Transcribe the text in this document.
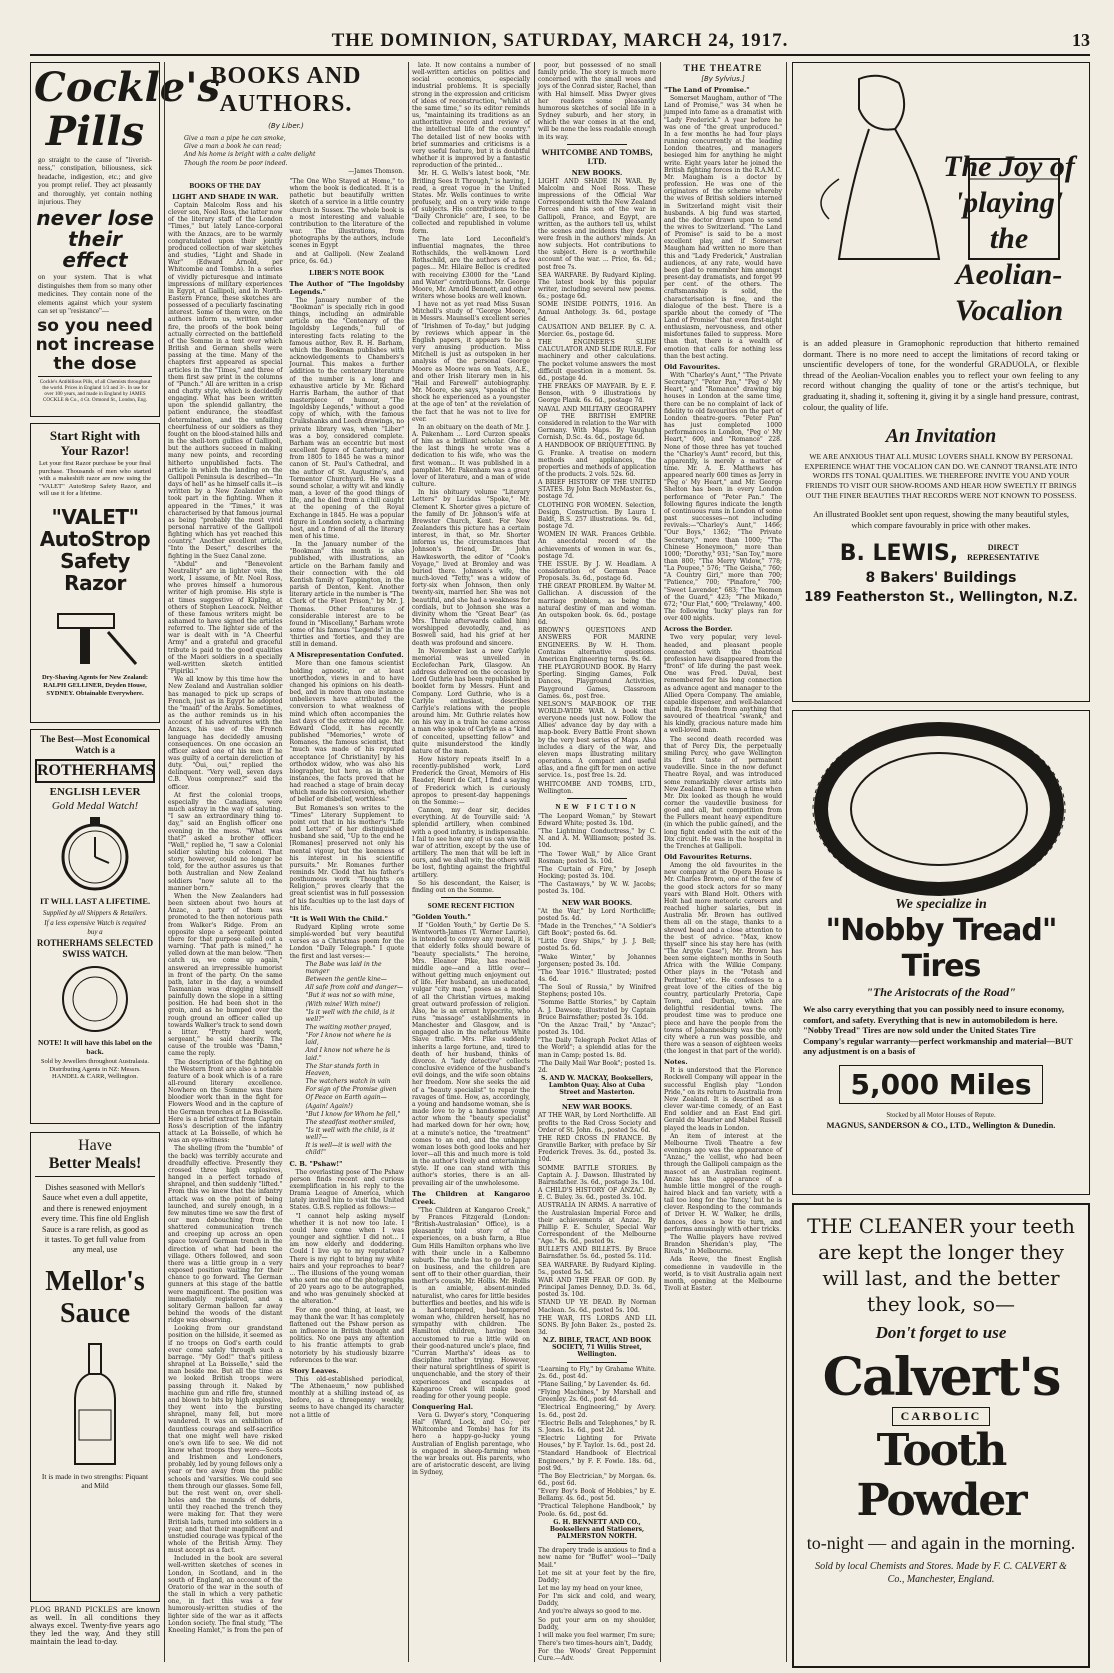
THE DOMINION, SATURDAY, MARCH 24, 1917.	13
Cockle's Pills

go straight to the cause of "liverish-ness," constipation, biliousness, sick headache, indigestion, etc.; and give you prompt relief. They act pleasantly and thoroughly, yet contain nothing injurious. They

never lose their effect

on your system. That is what distinguishes them from so many other medicines. They contain none of the elements against which your system can set up "resistance"—

so you need not increase the dose

Cockle's Antibilious Pills, of all Chemists throughout the world. Prices in England 1/3 and 3/-. In use for over 100 years, and made in England by JAMES COCKLE & Co., 4 Gt. Ormond St., London, Eng.

Start Right with Your Razor!

Let your first Razor purchase be your final purchase. Thousands of men who started with a makeshift razor are now using the "VALET" AutoStrop Safety Razor, and will use it for a lifetime.

"VALET" AutoStrop Safety Razor

Dry-Shaving Agents for New Zealand: RALPH GELLINER, Dryden House, SYDNEY. Obtainable Everywhere.

The Best—Most Economical Watch is a
ROTHERHAMS
ENGLISH LEVER
Gold Medal Watch!
IT WILL LAST A LIFETIME.

Supplied by all Shippers & Retailers.

If a less expensive Watch is required buy a

ROTHERHAMS SELECTED SWISS WATCH.
NOTE! It will have this label on the back.

Sold by Jewellers throughout Australasia. Distributing Agents in NZ: Messrs. HANDEL & CARR, Wellington.

Have
Better Meals!

Dishes seasoned with Mellor's Sauce whet even a dull appetite, and there is renewed enjoyment every time. This fine old English Sauce is a rare relish, as good as it tastes. To get full value from any meal, use

Mellor's Sauce

It is made in two strengths: Piquant and Mild

PLOG BRAND PICKLES are known as well. In all conditions they always excel. Twenty-five years ago they led the way, And they still maintain the lead to-day.

BOOKS AND AUTHORS.
(By Liber.)

Give a man a pipe he can smoke,

Give a man a book he can read;

And his home is bright with a calm delight

Though the room be poor indeed.

—James Thomson.

BOOKS OF THE DAY
LIGHT AND SHADE IN WAR.

Captain Malcolm Ross and his clever son, Noel Ross, the latter now of the literary staff of the London "Times," but lately Lance-corporal with the Anzacs, are to be warmly congratulated upon their jointly produced collection of war sketches and studies, "Light and Shade in War" (Edward Arnold, per Whitcombe and Tombs). In a series of vividly picturesque and intimate impressions of military experiences in Egypt, at Gallipoli, and in North-Eastern France, these sketches are possessed of a peculiarly fascinating interest. Some of them were, on the authors inform us, written under fire, the proofs of the book being actually corrected on the battlefield of the Somme in a tent over which British and German shells were passing at the time. Many of the chapters first appeared as special articles in the "Times," and three of them first saw print in the columns of "Punch." All are written in a crisp and chatty style, which is decidedly engaging. What has been written upon the splendid gallantry, the patient endurance, the steadfast determination, and the unfailing cheerfulness of our soldiers as they fought on the blood-stained hills and in the shell-torn gullies of Gallipoli, but the authors succeed in making many new points, and recording hitherto unpublished facts. The article in which the landing on the Gallipoli Peninsula is described—"In days of hell" as he himself calls it—is written by a New Zealander who took part in the fighting. When it appeared in the "Times," it was characterised by that famous journal as being "probably the most vivid personal narrative of the Gallipoli fighting which has yet reached this country." Another excellent article, "Into the Desert," describes the fighting in the Suez Canal zone.

"Abdul" and "Benevolent Neutrality" are in lighter vein, the work, I assume, of Mr. Noel Ross, who proves himself a humorous writer of high promise. His style is at times suggestive of Kipling, at others of Stephen Leacock. Neither of these famous writers might be ashamed to have signed the articles referred to. The lighter side of the war is dealt with in "A Cheerful Army" and a grateful and graceful tribute is paid to the good qualities of the Maori soldiers in a specially well-written sketch entitled "Pipiriki."

We all know by this time how the New Zealand and Australian soldier has managed to pick up scraps of French, just as in Egypt he adopted the "maafi" of the Arabs. Sometimes, as the author reminds us in his account of his adventures with the Anzacs, his use of the French language has decidedly amusing consequences. On one occasion an officer asked one of his men if he was guilty of a certain dereliction of duty. "Oui, oui," replied the delinquent. "Very well, seven days C.B. Vous comprenez?" said the officer.

At first the colonial troops, especially the Canadians, were much astray in the way of saluting. "I saw an extraordinary thing to-day," said an English officer one evening in the mess. "What was that?" asked a brother officer. "Well," replied he, "I saw a Colonial soldier saluting his colonel. That story, however, could no longer be told, for the author assures us that both Australian and New Zealand soldiers "now salute all to the manner born."

When the New Zealanders had been sixteen about two hours at Anzac, a party of them was promoted to the then notorious path from Walker's Ridge. From an opposite slope a sergeant pointed there for that purpose called out a warning. "That path is mined," he yelled down at the man below. "Then catch us, we come up again," answered an irrepressible humorist in front of the party. On the same path, later in the day, a wounded Tasmanian was dragging himself painfully down the slope in a sitting position. He had been shot in the groin, and as he bumped over the rough ground an officer called up towards Walker's track to send down a litter. "Pretty hard work, sergeant," he said cheerily. The cause of the trouble was "Damn," came the reply.

The description of the fighting on the Western front are also a notable feature of a book which is of a rare all-round literary excellence. Nowhere on the Somme was there bloodier work than in the fight for Flowers Wood and in the capture of the German trenches at La Boisselle. Here is a brief extract from Captain Ross's description of the infantry attack at La Boisselle, of which he was an eye-witness:

The shelling (from the "bumble" of the back) was terribly accurate and dreadfully effective. Presently they crossed three high explosives, hanged in a perfect tornado of shrapnel, and then suddenly "lifted." From this we knew that the infantry attack was on the point of being launched, and surely enough, in a few minutes time we saw the first of our men debouching from the shattered communication trench and creeping up across an open space toward German trench in the direction of what had been the village. Others followed, and soon there was a little group in a very exposed position waiting for their chance to go forward. The German gunners at this stage of the battle were magnificent. The position was immediately registered, and a solitary German balloon far away behind the woods of the distant ridge was observing.

Looking from our grandstand position on the hillside, it seemed as if no troops on God's earth could ever come safely through such a barrage. "My God!" that's pitiless shrapnel at La Boisselle," said the man beside me. But all the time as we looked British troops were passing through it. Naked by machine gun and rifle fire, stunned and blown to bits by high explosive, they went into the bursting shrapnel, many fell, but more wandered. It was an exhibition of dauntless courage and self-sacrifice that one might well have risked one's own life to see. We did not know what troops they were—Scots and Irishmen and Londoners, probably, led by young fellows only a year or two away from the public schools and 'varsities. We could see them through our glasses. Some fell, but the rest went on, over shell-holes and the mounds of debris, until they reached the trench they were making for. That they were British lads, turned into soldiers in a year, and that their magnificent and unstudied courage was typical of the whole of the British Army. They must accept as a fact.

Included in the book are several well-written sketches of scenes in London, in Scotland, and in the south of England, an account of the Oratorio of the war in the south of the stall in which a very pathetic one, in fact this was a few humorously-written studies of the lighter side of the war as it affects London society. The final study, "The Kneeling Hamlet," is from the pen of "The One Who Stayed at Home," to whom the book is dedicated. It is a pathetic but beautifully written sketch of a service in a little country church in Sussex. The whole book is a most interesting and valuable contribution to the literature of the war. The illustrations, from photographs by the authors, include scenes in Egypt

and at Gallipoli. (New Zealand price, 6s. 6d.)

LIBER'S NOTE BOOK
The Author of "The Ingoldsby Legends."

The January number of the "Bookman" is specially rich in good things, including an admirable article on the "Centenary of the Ingoldsby Legends," full of interesting facts relating to the famous author, Rev. R. H. Barham, which the Bookman publishes with acknowledgements to Chambers's Journal. This makes a further addition to the centenary literature of the number is a long and exhaustive article by Mr. Richard Harris Barham, the author of that masterpiece of humour, "The Ingoldsby Legends," without a good copy of which, with the famous Cruikshanks and Leech drawings, no private library was, when "Liber" was a boy, considered complete. Barham was an eccentric but most excellent figure of Canterbury, and from 1805 to 1845 he was a minor canon of St. Paul's Cathedral, and the author of St. Augustine's, and Tormentor Churchyard. He was a sound scholar, a witty wit and kindly man, a lover of the good things of life, and he died from a chill caught at the opening of the Royal Exchange in 1845. He was a popular figure in London society, a charming host, and a friend of all the literary men of his time.

In the January number of the "Bookman" this month is also published, with illustrations, an article on the Barham family and their connection with the old Kentish family of Tappington, in the parish of Denton, Kent. Another literary article in the number is "The Clerk of the Fleet Prison," by Mr. J. Thomas. Other features of considerable interest are to be found in "Miscellany," Barham wrote some of his famous "Legends" in the 'thirties and 'forties, and they are still in demand.

A Misrepresentation Confuted.

More than one famous scientist holding agnostic, or at least unorthodox, views in and to have changed his opinions on his death-bed, and in more than one instance unbelievers have attributed the conversion to what weakness of mind which often accompanies the last days of the extreme old age. Mr. Edward Clodd, it has recently published "Memories," wrote of Romanes, the famous scientist, that "much was made of his reputed acceptance [of Christianity] by his orthodox widow, who was also his biographer, but here, as in other instances, the facts proved that he had reached a stage of brain decay which made his conversion, whether of belief or disbelief, worthless."

But Romanes's son writes to the "Times" Literary Supplement to point out that in his mother's "Life and Letters" of her distinguished husband she said, "Up to the end he [Romanes] preserved not only his mental vigour, but the keenness of his interest in his scientific pursuits." Mr. Romanes further reminds Mr. Clodd that his father's posthumous work "Thoughts on Religion," proves clearly that the great scientist was in full possession of his faculties up to the last days of his life.

"It is Well With the Child."

Rudyard Kipling wrote some simple-worded but very beautiful verses as a Christmas poem for the London "Daily Telegraph." I quote the first and last verses:—

The Babe was laid in the manger

Between the gentle kine—

All safe from cold and danger—

"But it was not so with mine,

(With mine! With mine!)

"Is it well with the child, is it well?"

The waiting mother prayed,

"For I know not where he is laid,

And I know not where he is laid."

The Star stands forth in Heaven,

The watchers watch in vain

For sign of the Promise given

Of Peace on Earth again—

(Again! Again!)

"But I know for Whom he fell,"

The steadfast mother smiled,

"Is it well with the child, is it well?—

It is well—it is well with the child!"

C. B. "Pshaw!"

The overlasting pose of The Pshaw person finds recent and curious exemplification in his reply to the Drama League of America, which lately invited him to visit the United States. G.B.S. replied as follows:—

"I cannot help asking myself whether it is not now too late. I could have come when I was younger and sightlier. I did not... I am now elderly and doddering. Could I live up to my reputation? There is my right to bring my white hairs and your reproaches to bear? ... The illusions of the young woman who sent me one of the photographs of 20 years ago to be autographed, and who was genuinely shocked at the alteration."

For one good thing, at least, we may thank the war. It has completely flattened out the Pshaw person as an influence in British thought and politics. No one pays any attention to his frantic attempts to grab notoriety by his studiously bizarre references to the war.

Story Leaves.

This old-established periodical, "The Athenaeum," now published monthly at a shilling instead of, as before, as a threepenny weekly, seems to have changed its character not a little of

late. It now contains a number of well-written articles on politics and social economics, especially industrial problems. It is specially strong in the expression and criticism of ideas of reconstruction, "whilst at the same time," so its editor reminds us, "maintaining its traditions as an authoritative record and review of the intellectual life of the country." The detailed list of new books with brief summaries and criticisms is a very useful feature, but it is doubtful whether it is improved by a fantastic reproduction of the printed...

Mr. H. G. Wells's latest book, "Mr. Britling Sees It Through," is having, I read, a great vogue in the United States. Mr. Wells continues to write profusely, and on a very wide range of subjects. His contributions to the "Daily Chronicle" are, I see, to be collected and republished in volume form.

The late Lord Leconfield's influential magnates, the three Rothschilds, the well-known Lord Rothschild, are the authors of a few pages... Mr. Hilaire Belloc is credited with receiving £3000 for the "Land and Water" contributions. Mr. George Moore, Mr. Arnold Bennett, and other writers whose books are well known.

I have not as yet read Miss Susan Mitchell's study of "George Moore," in Messrs. Maunsell's excellent series of "Irishmen of To-day," but judging by reviews which appear in the English papers, it appears to be a very amusing production. Miss Mitchell is just as outspoken in her analysis of the personal George Moore as Moore was on Yeats, A.E., and other Irish literary men in his "Hail and Farewell" autobiography. Mr. Moore, she says, "speaks of the shock he experienced as a youngster at the age of ten" at the revelation of the fact that he was not to live for ever.

In an obituary on the death of Mr. J. A. Pakenham ... Lord Curzon speaks of him as a brilliant scholar. One of the last things he wrote was a dedication to his wife, who was the first woman... It was published in a pamphlet. Mr. Pakenham was a great lover of literature, and a man of wide culture.

In his obituary volume "Literary Letters" by Lucidas "Spoke," Mr. Clement K. Shorter gives a picture of the family of Dr. Johnson's wife at Brewster Church, Kent. For New Zealanders this picture has a certain interest, in that, so Mr. Shorter informs us, the circumstances that Johnson's friend, Dr. John Hawkesworth, the editor of "Cook's Voyage," lived at Bromley and was buried there. Johnson's wife, the much-loved "Tetty," was a widow of forty-six when Johnson, then only twenty-six, married her. She was not beautiful, and she had a weakness for cordials, but to Johnson she was a divinity whom the "Great Bear" (as Mrs. Thrale afterwards called him) worshipped devotedly, and, as Boswell said, had his grief at her death was profound and sincere.

In November last a new Carlyle memorial was unveiled in Ecclefechan Park, Glasgow. An address delivered on the occasion by Lord Guthrie has been republished in booklet form by Messrs. Hunt and Company. Lord Guthrie, who is a Carlyle enthusiast, describes Carlyle's relations with the people around him. Mr. Guthrie relates how on his way in a train he came across a man who spoke of Carlyle as a "kind of conceited, upsetting fellow" and quite misunderstood the kindly nature of the man.

How history repeats itself! In a recently-published work, Lord Frederick the Great, Memoirs of His Reader, Henri de Catt, I find a saying of Frederick which is curiously apropos to present-day happenings on the Somme:—

Cannon, my dear sir, decides everything. At de Tourville said: 'A splendid artillery, when combined with a good infantry, is indispensable. I fail to see how any of us can win the war of attrition, except by the use of artillery. The men that will be left in ours, and we shall win; the others will be lost, fighting against the frightful artillery.

So his descendant, the Kaiser, is finding out on the Somme.

SOME RECENT FICTION
"Golden Youth."

If "Golden Youth," by Gertie De S. Wentworth-James (T. Werner Laurie), is intended to convey any moral, it is that elderly folks should beware of "beauty specialists." The heroine, Mrs. Eleanor Pike, has reached middle age—and a little over—without getting much enjoyment out of life. Her husband, an uneducated, vulgar "city man," poses as a model of all the Christian virtues, making great outward profession of religion. Also, he is an errant hypocrite, who runs "massage" establishments in Manchester and Glasgow, and is engaged also in the nefarious White Slave traffic. Mrs. Pike suddenly inherits a large fortune, and, tired to death of her husband, thinks of divorce. A "lady detective" collects conclusive evidence of the husband's evil doings, and the wife soon obtains her freedom. Now she seeks the aid of a "beauty specialist" to repair the ravages of time. How, as, accordingly, a young and handsome woman, she is made love to by a handsome young actor whom the "beauty specialist" had marked down for her own; how, at a minute's notice, the "treatment" comes to an end, and the unhappy woman loses both good looks and her lover—all this and much more is told in the author's lively and entertaining style. If one can stand with this author's stories, there is an all-prevailing air of the unwholesome.

The Children at Kangaroo Creek.

"The Children at Kangaroo Creek," by Frances Fitzgerald (London: "British-Australasian" Office), is a pleasantly told story of the experiences, on a bush farm, a Blue Gum Hills Hamilton orphans who live with their uncle in a Kalbemno suburb. The uncle has to go to Japan on business, and the children are sent off to their other guardian, their mother's cousin, Mr. Hollis. Mr. Hollis is an amiable, absent-minded naturalist, who cares for little besides butterflies and beetles, and his wife is a hard-tempered, bad-tempered woman who, children herself, has no sympathy with children. The Hamilton children, having been accustomed to rue a little wild on their good-natured uncle's place, find "Curran Martha's" ideas as to discipline rather trying. However, their natural sprightliness of spirit is unquenchable, and the story of their experiences and escapades at Kangaroo Creek will make good reading for other young people.

Conquering Hal.

Vera G. Dwyer's story, "Conquering Hal" (Ward, Lock, and Co.; per Whitcombe and Tombs) has for its hero a happy-go-lucky young Australian of English parentage, who is engaged in sheep-farming when the war breaks out. His parents, who are of aristocratic descent, are living in Sydney,

poor, but possessed of no small family pride. The story is much more concerned with the small woes and joys of the Conrad sister, Rachel, than with Hal himself. Miss Dwyer gives her readers some pleasantly humorous sketches of social life in a Sydney suburb, and her story, in which the war comes in at the end, will be none the less readable enough in its way.

WHITCOMBE AND TOMBS, LTD.
NEW BOOKS.

LIGHT AND SHADE IN WAR. By Malcolm and Noel Ross. These impressions of the Official War Correspondent with the New Zealand Forces and his son of the war in Gallipoli, France, and Egypt, are written, as the authors tell us, whilst the scenes and incidents they depict were fresh in the authors' minds. An now subjects. Hot contributions to the subject. Here is a worthwhile account of the war. ... Price, 6s. 6d.; post free 7s.

SEA WARFARE. By Rudyard Kipling. The latest book by this popular writer, including several new poems. 6s.; postage 6d.

SOME INSIDE POINTS, 1916. An Annual Anthology. 3s. 6d., postage 6d.

CAUSATION AND BELIEF. By C. A. Mercier. 6s., postage 6d.

THE ENGINEER'S SLIDE CALCULATOR AND SLIDE RULE. For machinery and other calculations. The pocket volume answers the most difficult question in a moment. 5s. 6d., postage 4d.

THE FREAKS OF MAYFAIR. By E. F. Benson, with 9 illustrations by George Plank. 6s. 6d., postage 7d.

NAVAL AND MILITARY GEOGRAPHY OF THE BRITISH EMPIRE considered in relation to the War with Germany. With Maps. By Vaughan Cornish, D.Sc. 4s. 6d., postage 6d.

A HANDBOOK OF BRIQUETTING. By G. Franke. A treatise on modern methods and appliances, the properties and methods of application of the products. 2 vols. 52s. 6d.

A BRIEF HISTORY OF THE UNITED STATES. By John Bach McMaster. 6s., postage 7d.

CLOTHING FOR WOMEN. Selection, Design, Construction. By Laura I. Baldt, B.S. 257 illustrations. 9s. 6d., postage 7d.

WOMEN IN WAR. Frances Gribble. An anecdotal record of the achievements of women in war. 6s., postage 7d.

THE ISSUE. By J. W. Headlam. A consideration of German Peace Proposals. 3s. 6d., postage 6d.

THE GREAT PROBLEM. By Walter M. Gallichan. A discussion of the marriage problem, as being the natural destiny of man and woman. An outspoken book. 6s. 6d., postage 6d.

BROWN'S QUESTIONS AND ANSWERS FOR MARINE ENGINEERS. By W. H. Thom. Contains alternative questions. American Engineering terms. 9s. 6d.

THE PLAYGROUND BOOK. By Harry Sperling. Singing Games, Folk Dances, Playground Activities, Playground Games, Classroom Games. 6s., post free.

NELSON'S MAP-BOOK OF THE WORLD-WIDE WAR. A book that everyone needs just now. Follow the Allies' advance day by day with a map-book. Every Battle Front shown by the very best series of Maps. Also includes a diary of the war, and eleven maps illustrating military operations. A compact and useful atlas, and a fine gift for men on active service. 1s., post free 1s. 2d.

WHITCOMBE AND TOMBS, LTD., Wellington.

NEW FICTION

"The Leopard Woman," by Stewart Edward White; posted 3s. 10d.

"The Lightning Conductress," by C. N. and A. M. Williamson; posted 3s. 10d.

"The Tower Wall," by Alice Grant Rosman; posted 3s. 10d.

"The Curtain of Fire," by Joseph Hocking; posted 3s. 10d.

"The Castaways," by W. W. Jacobs; posted 3s. 10d.

NEW WAR BOOKS.

"At the War," by Lord Northcliffe; posted 5s. 4d.

"Made in the Trenches," "A Soldier's Gift Book"; posted 6s. 6d.

"Little Grey Ships," by J. J. Bell; posted 5s. 6d.

"Wake Winter," by Johannes Jorgensen; posted 3s. 10d.

"The Year 1916." Illustrated; posted 4s. 6d.

"The Soul of Russia," by Winifred Stephens; posted 10s.

"Somme Battle Stories," by Captain A. J. Dawson; illustrated by Captain Bruce Bairnsfather; posted 3s. 10d.

"On the Anzac Trail," by "Anzac"; posted 3s. 10d.

"The Daily Telegraph Pocket Atlas of the World"; a splendid atlas for the man in Camp; posted 1s. 8d.

"The Daily Mail War Book"; posted 1s. 2d.

S. AND W. MACKAY, Booksellers, Lambton Quay. Also at Cuba Street and Masterton.

NEW WAR BOOKS.

AT THE WAR, by Lord Northcliffe. All profits to the Red Cross Society and Order of St. John. 6s., posted 5s. 6d.

THE RED CROSS IN FRANCE. By Granville Barker, with preface by Sir Frederick Treves. 3s. 6d., posted 3s. 10d.

SOMME BATTLE STORIES. By Captain A. J. Dawson. Illustrated by Bairnsfather. 3s. 6d., postage 3s. 10d.

A CHILD'S HISTORY OF ANZAC. By E. C. Buley. 3s. 6d., posted 3s. 10d.

AUSTRALIA IN ARMS. A narrative of the Australasian Imperial Force and their achievements at Anzac. By Phillip F. E. Schuler, Special War Correspondent of the Melbourne "Age." 8s. 6d., posted 9s.

BULLETS AND BILLETS. By Bruce Bairnsfather. 5s. 6d., posted 5s. 11d.

SEA WARFARE. By Rudyard Kipling. 5s., posted 5s. 5d.

WAR AND THE FEAR OF GOD. By Principal James Denney, D.D. 3s. 6d., posted 3s. 10d.

STAND UP YE DEAD. By Norman Maclean. 5s. 6d., posted 5s. 10d.

THE WAR, ITS LORDS AND LIL SONS. By John Baker. 2s., posted 2s. 3d.

N.Z. BIBLE, TRACT, AND BOOK SOCIETY, 71 Willis Street, Wellington.

"Learning to Fly," by Grahame White. 2s. 6d., post 4d.

"Plane Sailing," by Lavender. 4s. 6d.

"Flying Machines," by Marshall and Greenley. 2s. 6d., post 4d.

"Electrical Engineering," by Avery. 1s. 6d., post 2d.

"Electric Bells and Telephones," by R. S. Jones. 1s. 6d., post 2d.

"Electric Lighting for Private Houses," by F. Taylor. 1s. 6d., post 2d.

"Standard Handbook of Electrical Engineers," by F. F. Fowle. 18s. 6d., post 9d.

"The Boy Electrician," by Morgan. 6s. 6d., post 6d.

"Every Boy's Book of Hobbies," by E. Bellamy. 4s. 6d., post 5d.

"Practical Telephone Handbook," by Poole. 6s. 6d., post 6d.

G. H. BENNETT AND CO., Booksellers and Stationers, PALMERSTON NORTH.

The drapery trade is anxious to find a new name for "Buffet" wool—"Daily Mail."

Let me sit at your feet by the fire, Daddy;

Let me lay my head on your knee,

For I'm sick and cold, and weary, Daddy,

And you're always so good to me.

So put your arm on my shoulder, Daddy,

I will make you feel warmer, I'm sure;

There's two times-hours ain't, Daddy,

For the Woods' Great Peppermint Cure.—Adv.

THE THEATRE
[By Sylvius.]
"The Land of Promise."

Somerset Maugham, author of "The Land of Promise," was 34 when he jumped into fame as a dramatist with "Lady Frederick." A year before he was one of "the great unproduced." In a few months he had four plays running concurrently at the leading London theatres, and managers besieged him for anything he might write. Eight years later he joined the British fighting forces in the R.A.M.C. Mr. Maugham is a doctor by profession. He was one of the originators of the scheme whereby the wives of British soldiers interned in Switzerland might visit their husbands. A big fund was started, and the doctor drawn upon to send the wives to Switzerland. "The Land of Promise" is said to be a most excellent play, and if Somerset Maugham had written no more than this and "Lady Frederick," Australian audiences, at any rate, would have been glad to remember him amongst present-day dramatists, and forget 99 per cent. of the others. The craftsmanship is solid, the characterisation is fine, and the dialogue of the best. There is a sparkle about the comedy of "The Land of Promise" that even first-night enthusiasm, nervousness, and other misfortunes failed to suppress. More than that, there is a wealth of emotion that calls for nothing less than the best acting.

Old Favourites.

With "Charley's Aunt," "The Private Secretary," "Peter Pan," "Peg o' My Heart," and "Romance" drawing big houses in London at the same time, there can be no complaint of lack of fidelity to old favourites on the part of London theatre-goers. "Peter Pan" has just completed 1000 performances in London, "Peg o' My Heart," 600, and "Romance" 228. None of those three has yet touched the "Charley's Aunt" record, but this, apparently, is merely a matter of time. Mr. A. E. Matthews has appeared nearly 600 times as Jerry in "Peg o' My Heart," and Mr. George Shelton has been in every London performance of "Peter Pan." The following figures indicate the length of continuous runs in London of some past successes—not including revivals:—"Charley's Aunt," 1466; "Our Boys," 1362; "The Private Secretary," more than 1000; "The Chinese Honeymoon," more than 1000; "Dorothy," 931; "San Toy," more than 800; "The Merry Widow," 778; "La Poupee," 576; "The Geisha," 760; "A Country Girl," more than 700; "Patience," 700; "Pinafore," 700; "Sweet Lavender," 683; "The Yeomen of the Guard," 423; "The Mikado," 672; "Our Flat," 600; "Trelawny," 400. The following 'lucky' plays ran for over 400 nights.

Across the Border.

Two very popular, very level-headed, and pleasant people connected with the theatrical profession have disappeared from the "front" of life during the past week. One was Fred. Duval, best remembered for his long connection as advance agent and manager to the Allied Opera Company. The amiable, capable dispenser, and well-balanced mind, its freedom from anything that savoured of theatrical "swank," and his kindly, gracious nature made him a well-loved man.

The second death recorded was that of Percy Dix, the perpetually smiling Percy, who gave Wellington its first taste of permanent vaudeville. Since in the now defunct Theatre Royal, and was introduced some remarkably clever artists into New Zealand. There was a time when Mr. Dix looked as though he would corner the vaudeville business for good and all, but competition from the Fullers meant heavy expenditure (in which the public gained), and the long fight ended with the exit of the Dix circuit. He was in the hospital in the Trenches at Gallipoli.

Old Favourites Returns.

Among the old favourites in the new company at the Opera House is Mr. Charles Brown, one of the few of the good stock actors for so many years with Bland Holt. Others with Holt had more meteoric careers and reached higher salaries, but in Australia Mr. Brown has outlived them all on the stage, thanks to a shrewd head and a close attention to the best of advice. "Max, know thyself" since his stay here has (with "The Argyle Case"), Mr. Brown has been some eighteen months in South Africa with the Wilkie Company. Other plays in the "Potash and Perlmutter," etc. He confesses to a great love of the cities of the big country, particularly Pretoria, Cape Town, and Durban, which are delightful residential towns. The proudest time was to produce one piece and have the people from the towns of Johannesburg was the only city where a run was possible, and there was a season of eighteen weeks (the longest in that part of the world).

Notes.

It is understood that the Florence Rockwell Company will appear in the successful English play "London Pride," on its return to Australia from New Zealand. It is described as a clever war-time comedy, of an East End soldier and an East End girl. Gerald du Maurier and Mabel Russell played the leads in London.

An item of interest at the Melbourne Tivoli Theatre a few evenings ago was the appearance of "Anzac," the 'cellist, who had been through the Gallipoli campaign as the mascot of an Australian regiment. Anzac has the appearance of a humble little mongrel of the rough-haired black and tan variety, with a tail too long for the 'fancy,' but he is clever. Responding to the commands of Driver H. W. Walker, he drills, dances, does a bow tie turn, and performs amusingly with other tricks.

The Wallie players have revived Brandon Sheridan's play, "The Rivals," in Melbourne.

Ada Reeve, the finest English comedienne in vaudeville in the world, is to visit Australia again next month, opening at the Melbourne Tivoli at Easter.

The Joy of 'playing' the Aeolian-Vocalion

is an added pleasure in Gramophonic reproduction that hitherto remained dormant. There is no more need to accept the limitations of record taking or unscientific developers of tone, for the wonderful GRADUOLA, or flexible thread of the Aeolian-Vocalion enables you to reflect your own feeling to any record without changing the quality of tone or the artist's technique, but graduating it, shading it, softening it, giving it by a single hand pressure, contrast, colour, the quality of life.

An Invitation

WE ARE ANXIOUS THAT ALL MUSIC LOVERS SHALL KNOW BY PERSONAL EXPERIENCE WHAT THE VOCALION CAN DO. WE CANNOT TRANSLATE INTO WORDS ITS TONAL QUALITIES. WE THEREFORE INVITE YOU AND YOUR FRIENDS TO VISIT OUR SHOW-ROOMS AND HEAR HOW SWEETLY IT BRINGS OUT THE FINER BEAUTIES THAT RECORDS WERE NOT KNOWN TO POSSESS.

An illustrated Booklet sent upon request, showing the many beautiful styles, which compare favourably in price with other makes.

B. LEWIS,	DIRECT REPRESENTATIVE
8 Bakers' Buildings
189 Featherston St., Wellington, N.Z.
We specialize in
"Nobby Tread" Tires
"The Aristocrats of the Road"

We also carry everything that you can possibly need to insure economy, comfort, and safety. Everything that is new in automobiledom is here. "Nobby Tread" Tires are now sold under the United States Tire Company's regular warranty—perfect workmanship and material—BUT any adjustment is on a basis of

5,000 Miles

Stocked by all Motor Houses of Repute.

MAGNUS, SANDERSON & CO., LTD., Wellington & Dunedin.

THE CLEANER your teeth are kept the longer they will last, and the better they look, so—
Don't forget to use
Calvert's
CARBOLIC
Tooth Powder
to-night — and again in the morning.

Sold by local Chemists and Stores. Made by F. C. CALVERT & Co., Manchester, England.
